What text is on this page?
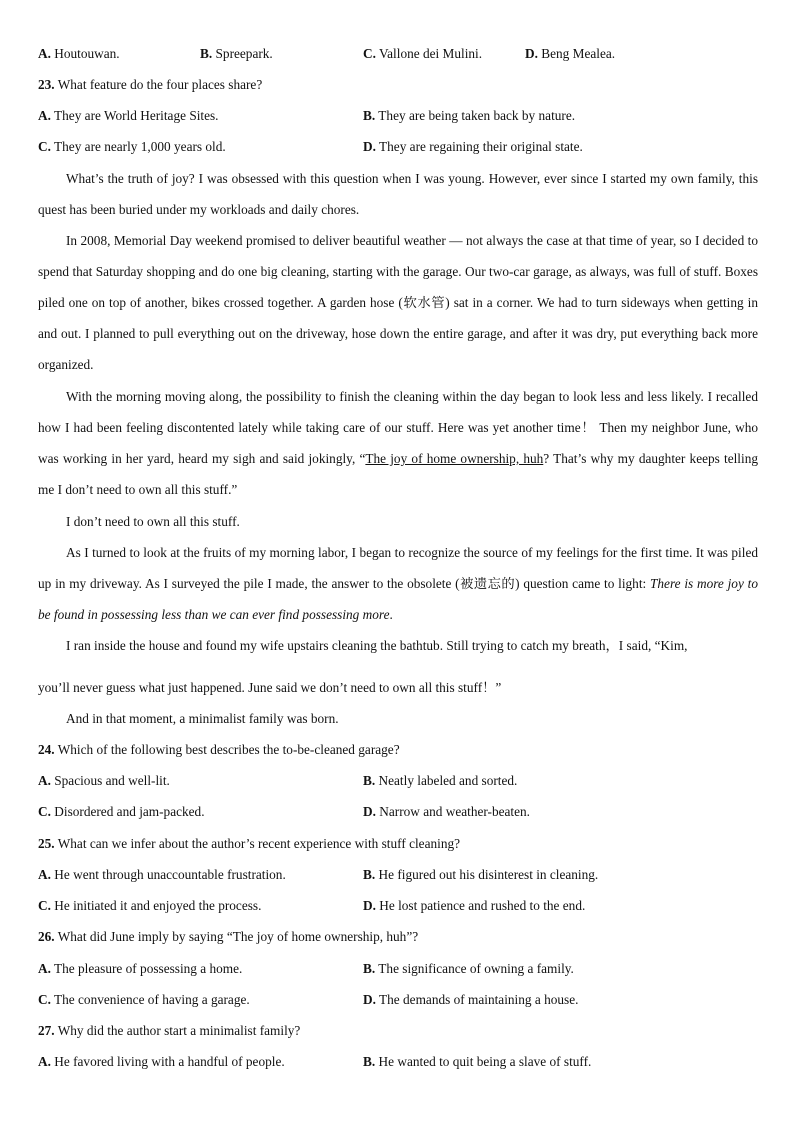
A. Houtouwan.	B. Spreepark.	C. Vallone dei Mulini.	D. Beng Mealea.
23. What feature do the four places share?
A. They are World Heritage Sites.	B. They are being taken back by nature.
C. They are nearly 1,000 years old.	D. They are regaining their original state.

What’s the truth of joy? I was obsessed with this question when I was young. However, ever since I started my own family, this quest has been buried under my workloads and daily chores.

In 2008, Memorial Day weekend promised to deliver beautiful weather — not always the case at that time of year, so I decided to spend that Saturday shopping and do one big cleaning, starting with the garage. Our two-car garage, as always, was full of stuff. Boxes piled one on top of another, bikes crossed together. A garden hose (软水管) sat in a corner. We had to turn sideways when getting in and out. I planned to pull everything out on the driveway, hose down the entire garage, and after it was dry, put everything back more organized.

With the morning moving along, the possibility to finish the cleaning within the day began to look less and less likely. I recalled how I had been feeling discontented lately while taking care of our stuff. Here was yet another time！ Then my neighbor June, who was working in her yard, heard my sigh and said jokingly, “The joy of home ownership, huh? That’s why my daughter keeps telling me I don’t need to own all this stuff.”

I don’t need to own all this stuff.

As I turned to look at the fruits of my morning labor, I began to recognize the source of my feelings for the first time. It was piled up in my driveway. As I surveyed the pile I made, the answer to the obsolete (被遗忘的) question came to light: There is more joy to be found in possessing less than we can ever find possessing more.

I ran inside the house and found my wife upstairs cleaning the bathtub. Still trying to catch my breath，I said, “Kim,

you’ll never guess what just happened. June said we don’t need to own all this stuff！”

And in that moment, a minimalist family was born.

24. Which of the following best describes the to-be-cleaned garage?
A. Spacious and well-lit.	B. Neatly labeled and sorted.
C. Disordered and jam-packed.	D. Narrow and weather-beaten.
25. What can we infer about the author’s recent experience with stuff cleaning?
A. He went through unaccountable frustration.	B. He figured out his disinterest in cleaning.
C. He initiated it and enjoyed the process.	D. He lost patience and rushed to the end.
26. What did June imply by saying “The joy of home ownership, huh”?
A. The pleasure of possessing a home.	B. The significance of owning a family.
C. The convenience of having a garage.	D. The demands of maintaining a house.
27. Why did the author start a minimalist family?
A. He favored living with a handful of people.	B. He wanted to quit being a slave of stuff.
